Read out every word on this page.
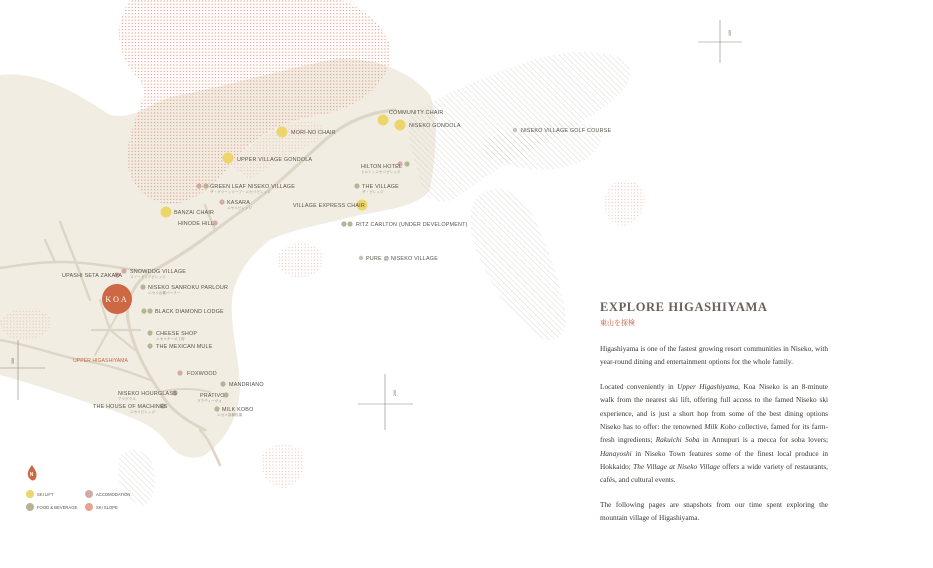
100
200
300
KOA
COMMUNITY CHAIR
NISEKO GONDOLA
MORI-NO CHAIR	NISEKO VILLAGE GOLF COURSE
UPPER VILLAGE GONDOLA
HILTON HOTEL
ヒルトンニセコビレッジ
GREEN LEAF NISEKO VILLAGE
ザ・グリーンリーフ・ニセコビレッジ
THE VILLAGE
ザ・ビレッジ
KASARA
ニセコビレッジ	VILLAGE EXPRESS CHAIR
BANZAI CHAIR
HINODE HILL	RITZ CARLTON (UNDER DEVELOPMENT)
PURE @ NISEKO VILLAGE
SNOWDOG VILLAGE
スノードッグビレッジ
UPASHI SETA ZAKAYA
NISEKO SANROKU PARLOUR
ニセコ山麓パーラー
BLACK DIAMOND LODGE
CHEESE SHOP
ニセコチーズ工房
THE MEXICAN MULE
FOXWOOD
MANDRIANO
NISEKO HOURGLASS
アワグラス	PRATIVO
プラティーヴォ
THE HOUSE OF MACHINES
ニセコビレッジ	MILK KOBO
ニセコ高橋牧場
UPPER HIGASHIYAMA
N
SKI LIFT	ACCOMODATION
FOOD & BEVERAGE	SKI SLOPE
EXPLORE HIGASHIYAMA
東山を探検

Higashiyama is one of the fastest growing resort communities in Niseko, with year-round dining and entertainment options for the whole family.

Located conveniently in Upper Higashiyama, Koa Niseko is an 8-minute walk from the nearest ski lift, offering full access to the famed Niseko ski experience, and is just a short hop from some of the best dining options Niseko has to offer: the renowned Milk Kobo collective, famed for its farm-fresh ingredients; Rakuichi Soba in Annupuri is a mecca for soba lovers; Hanayoshi in Niseko Town features some of the finest local produce in Hokkaido; The Village at Niseko Village offers a wide variety of restaurants, cafés, and cultural events.

The following pages are snapshots from our time spent exploring the mountain village of Higashiyama.
